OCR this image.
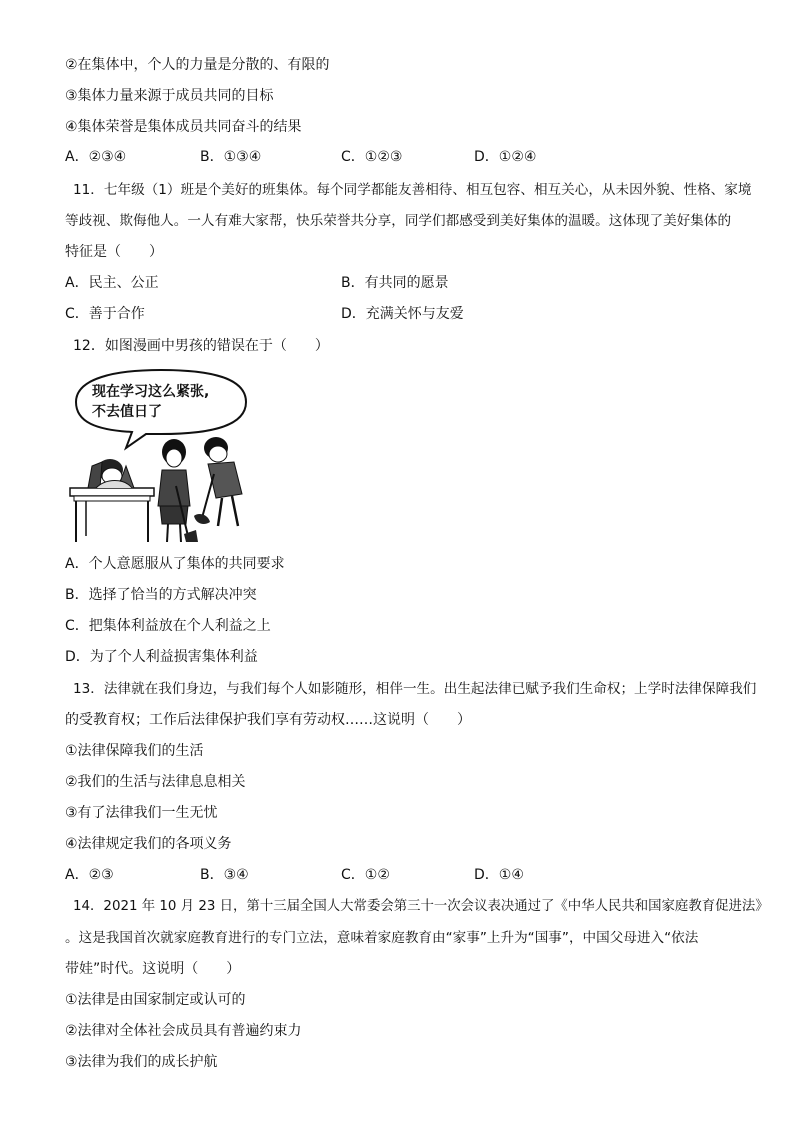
②在集体中，个人的力量是分散的、有限的
③集体力量来源于成员共同的目标
④集体荣誉是集体成员共同奋斗的结果
A．②③④	B．①③④	C．①②③	D．①②④
11．七年级（1）班是个美好的班集体。每个同学都能友善相待、相互包容、相互关心，从未因外貌、性格、家境
等歧视、欺侮他人。一人有难大家帮，快乐荣誉共分享，同学们都感受到美好集体的温暖。这体现了美好集体的
特征是（　　）
A．民主、公正	B．有共同的愿景
C．善于合作	D．充满关怀与友爱
12．如图漫画中男孩的错误在于（　　）
现在学习这么紧张,
不去值日了
A．个人意愿服从了集体的共同要求
B．选择了恰当的方式解决冲突
C．把集体利益放在个人利益之上
D．为了个人利益损害集体利益
13．法律就在我们身边，与我们每个人如影随形，相伴一生。出生起法律已赋予我们生命权；上学时法律保障我们
的受教育权；工作后法律保护我们享有劳动权……这说明（　　）
①法律保障我们的生活
②我们的生活与法律息息相关
③有了法律我们一生无忧
④法律规定我们的各项义务
A．②③	B．③④	C．①②	D．①④
14．2021 年 10 月 23 日，第十三届全国人大常委会第三十一次会议表决通过了《中华人民共和国家庭教育促进法》
。这是我国首次就家庭教育进行的专门立法，意味着家庭教育由“家事”上升为“国事”，中国父母进入“依法
带娃”时代。这说明（　　）
①法律是由国家制定或认可的
②法律对全体社会成员具有普遍约束力
③法律为我们的成长护航
